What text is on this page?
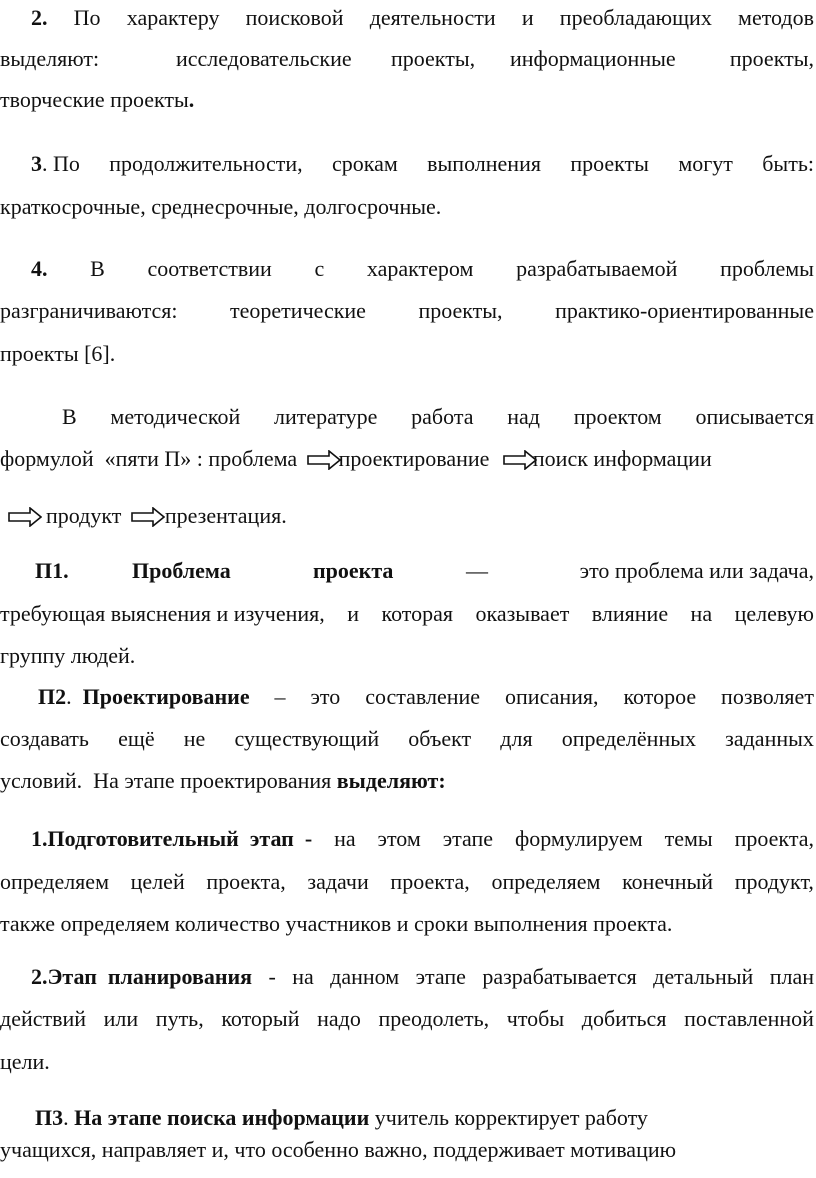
2. По характеру поисковой деятельности и преобладающих методов
выделяют:	исследовательские проекты, информационные проекты,
творческие проекты.
3. По продолжительности, срокам выполнения проекты могут быть:
краткосрочные, среднесрочные, долгосрочные.
4. В соответствии с характером разрабатываемой проблемы
разграничиваются: теоретические проекты, практико-ориентированные
проекты [6].
В методической литературе работа над проектом описывается
формулой  «пяти П» : проблема проектирование поиск информации
продукт презентация.
П1.	Проблема	проекта	—	это проблема или задача,
требующая выяснения и изучения, и которая оказывает влияние на целевую
группу людей.
П2. Проектирование – это составление описания, которое позволяет
создавать ещё не существующий объект для определённых заданных
условий.  На этапе проектирования выделяют:
1.Подготовительный  этап  - на этом этапе формулируем темы проекта,
определяем целей проекта, задачи проекта, определяем конечный продукт,
также определяем количество участников и сроки выполнения проекта.
2.Этап  планирования - на данном этапе разрабатывается детальный план
действий или путь, который надо преодолеть, чтобы добиться поставленной
цели.
П3. На этапе поиска информации учитель корректирует работу
учащихся, направляет и, что особенно важно, поддерживает мотивацию
